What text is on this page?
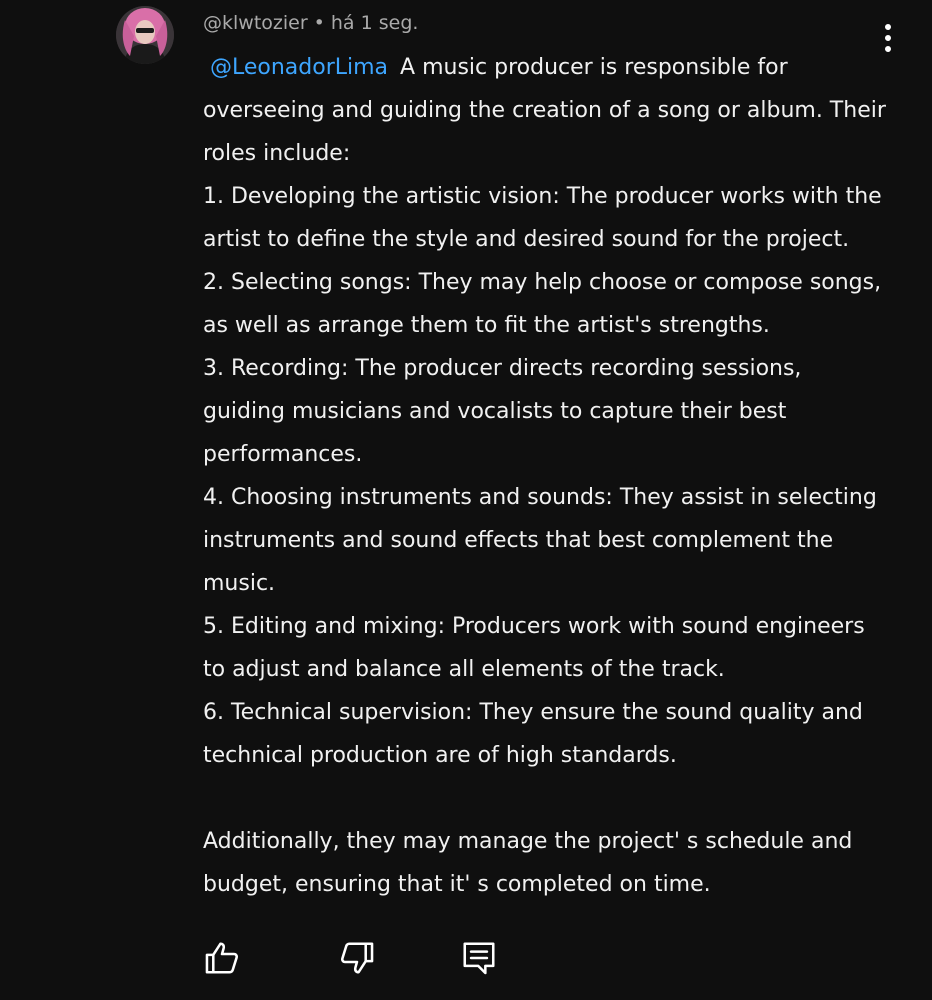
@klwtozier • há 1 seg.

@LeonadorLima A music producer is responsible for

overseeing and guiding the creation of a song or album. Their

roles include:

1. Developing the artistic vision: The producer works with the

artist to define the style and desired sound for the project.

2. Selecting songs: They may help choose or compose songs,

as well as arrange them to fit the artist's strengths.

3. Recording: The producer directs recording sessions,

guiding musicians and vocalists to capture their best

performances.

4. Choosing instruments and sounds: They assist in selecting

instruments and sound effects that best complement the

music.

5. Editing and mixing: Producers work with sound engineers

to adjust and balance all elements of the track.

6. Technical supervision: They ensure the sound quality and

technical production are of high standards.

Additionally, they may manage the project' s schedule and

budget, ensuring that it' s completed on time.
